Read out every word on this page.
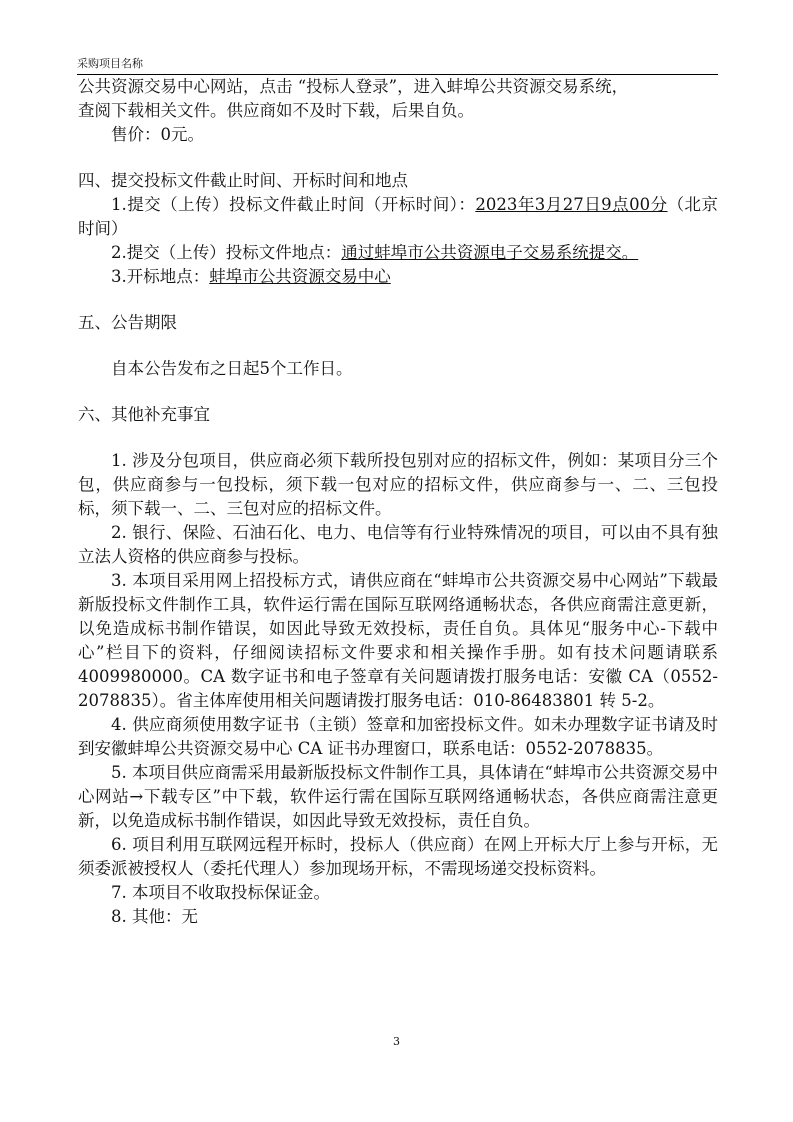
采购项目名称

公共资源交易中心网站，点击 “投标人登录”，进入蚌埠公共资源交易系统，

查阅下载相关文件。供应商如不及时下载，后果自负。

售价：0元。

四、提交投标文件截止时间、开标时间和地点

1.提交（上传）投标文件截止时间（开标时间）：2023年3月27日9点00分（北京时间）

2.提交（上传）投标文件地点：通过蚌埠市公共资源电子交易系统提交。

3.开标地点：蚌埠市公共资源交易中心

五、公告期限

自本公告发布之日起5个工作日。

六、其他补充事宜

1. 涉及分包项目，供应商必须下载所投包别对应的招标文件，例如：某项目分三个包，供应商参与一包投标，须下载一包对应的招标文件，供应商参与一、二、三包投标，须下载一、二、三包对应的招标文件。

2. 银行、保险、石油石化、电力、电信等有行业特殊情况的项目，可以由不具有独立法人资格的供应商参与投标。

3. 本项目采用网上招投标方式，请供应商在“蚌埠市公共资源交易中心网站”下载最新版投标文件制作工具，软件运行需在国际互联网络通畅状态，各供应商需注意更新，以免造成标书制作错误，如因此导致无效投标，责任自负。具体见“服务中心-下载中心”栏目下的资料，仔细阅读招标文件要求和相关操作手册。如有技术问题请联系 4009980000。CA 数字证书和电子签章有关问题请拨打服务电话：安徽 CA（0552-2078835）。省主体库使用相关问题请拨打服务电话：010-86483801 转 5-2。

4. 供应商须使用数字证书（主锁）签章和加密投标文件。如未办理数字证书请及时到安徽蚌埠公共资源交易中心 CA 证书办理窗口，联系电话：0552-2078835。

5. 本项目供应商需采用最新版投标文件制作工具，具体请在“蚌埠市公共资源交易中心网站→下载专区”中下载，软件运行需在国际互联网络通畅状态，各供应商需注意更新，以免造成标书制作错误，如因此导致无效投标，责任自负。

6. 项目利用互联网远程开标时，投标人（供应商）在网上开标大厅上参与开标，无须委派被授权人（委托代理人）参加现场开标，不需现场递交投标资料。

7. 本项目不收取投标保证金。

8. 其他：无

3
